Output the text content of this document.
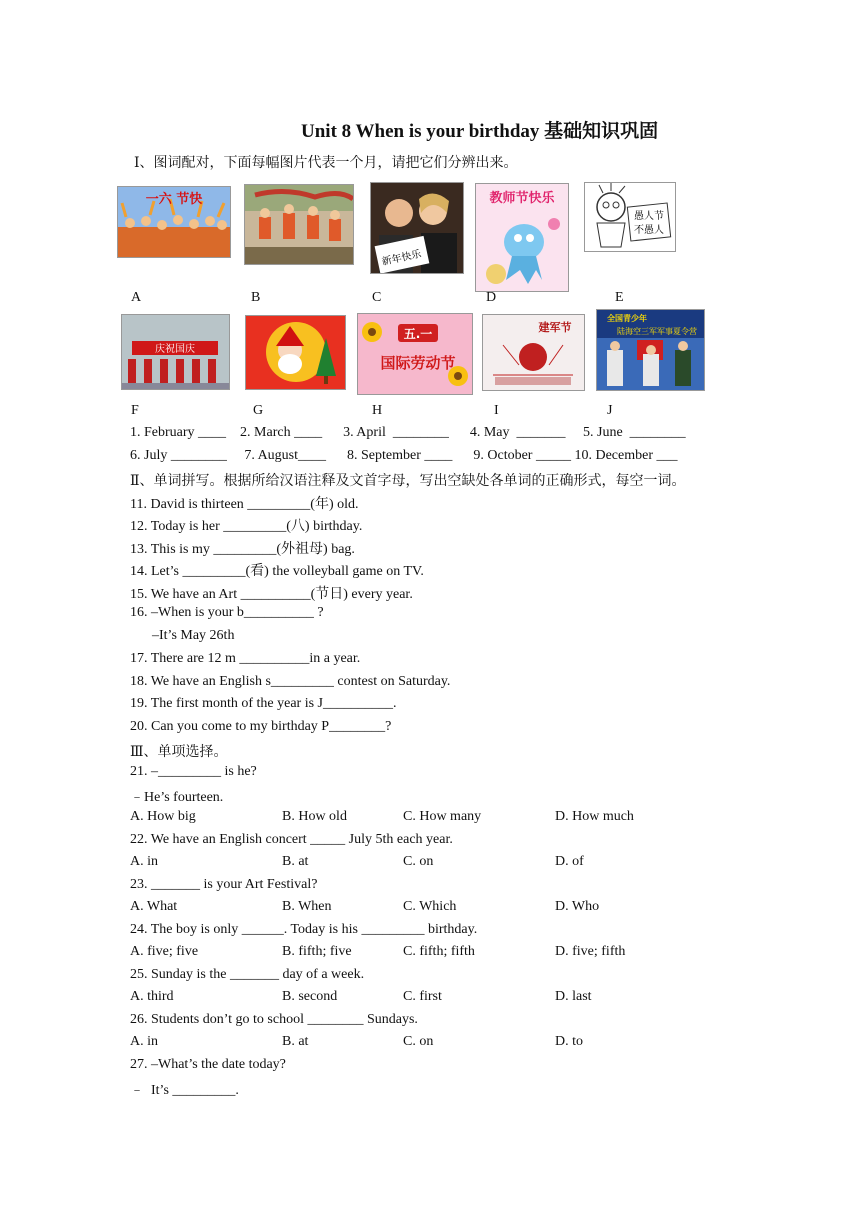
Unit 8 When is your birthday 基础知识巩固
Ⅰ、图词配对，下面每幅图片代表一个月，请把它们分辨出来。
一六 节快
新年快乐
教师节快乐
愚人节
不愚人
A	B	C	D	E
庆祝国庆
五.一
国际劳动节
建军节
全国青少年
陆海空三军军事夏令营
F	G	H	I	J
1. February ____    2. March ____      3. April  ________      4. May  _______     5. June  ________
6. July ________     7. August____      8. September ____      9. October _____ 10. December ___
Ⅱ、单词拼写。根据所给汉语注释及文首字母，写出空缺处各单词的正确形式，每空一词。
11. David is thirteen _________(年) old.
12. Today is her _________(八) birthday.
13. This is my _________(外祖母) bag.
14. Let’s _________(看) the volleyball game on TV.
15. We have an Art __________(节日) every year.
16. –When is your b__________ ?
–It’s May 26th
17. There are 12 m __________in a year.
18. We have an English s_________ contest on Saturday.
19. The first month of the year is J__________.
20. Can you come to my birthday P________?
Ⅲ、单项选择。
21. –_________ is he?
﹣He’s fourteen.
A. How big	B. How old	C. How many	D. How much
22. We have an English concert _____ July 5th each year.
A. in	B. at	C. on	D. of
23. _______ is your Art Festival?
A. What	B. When	C. Which	D. Who
24. The boy is only ______. Today is his _________ birthday.
A. five; five	B. fifth; five	C. fifth; fifth	D. five; fifth
25. Sunday is the _______ day of a week.
A. third	B. second	C. first	D. last
26. Students don’t go to school ________ Sundays.
A. in	B. at	C. on	D. to
27. –What’s the date today?
﹣  It’s _________.
